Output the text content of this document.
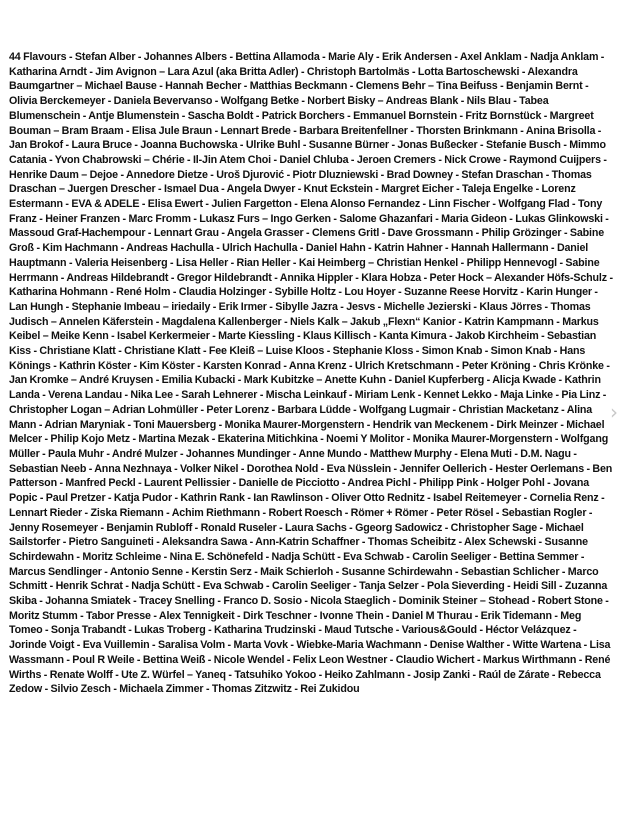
44 Flavours - Stefan Alber - Johannes Albers - Bettina Allamoda - Marie Aly - Erik Andersen - Axel Anklam - Nadja Anklam - Katharina Arndt - Jim Avignon – Lara Azul (aka Britta Adler) - Christoph Bartolmäs - Lotta Bartoschewski - Alexandra Baumgartner – Michael Bause - Hannah Becher - Matthias Beckmann - Clemens Behr – Tina Beifuss - Benjamin Bernt - Olivia Berckemeyer - Daniela Bevervanso - Wolfgang Betke - Norbert Bisky – Andreas Blank - Nils Blau - Tabea Blumenschein - Antje Blumenstein - Sascha Boldt - Patrick Borchers - Emmanuel Bornstein - Fritz Bornstück - Margreet Bouman – Bram Braam - Elisa Jule Braun - Lennart Brede - Barbara Breitenfellner - Thorsten Brinkmann - Anina Brisolla - Jan Brokof - Laura Bruce - Joanna Buchowska - Ulrike Buhl - Susanne Bürner - Jonas Bußecker - Stefanie Busch - Mimmo Catania - Yvon Chabrowski – Chérie - Il-Jin Atem Choi - Daniel Chluba - Jeroen Cremers - Nick Crowe - Raymond Cuijpers - Henrike Daum – Dejoe - Annedore Dietze - Uroš Djurović - Piotr Dluzniewski - Brad Downey - Stefan Draschan - Thomas Draschan – Juergen Drescher - Ismael Dua - Angela Dwyer - Knut Eckstein - Margret Eicher - Taleja Engelke - Lorenz Estermann - EVA & ADELE - Elisa Ewert - Julien Fargetton - Elena Alonso Fernandez - Linn Fischer - Wolfgang Flad - Tony Franz - Heiner Franzen - Marc Fromm - Lukasz Furs – Ingo Gerken - Salome Ghazanfari - Maria Gideon - Lukas Glinkowski - Massoud Graf-Hachempour - Lennart Grau - Angela Grasser - Clemens Gritl - Dave Grossmann - Philip Grözinger - Sabine Groß - Kim Hachmann - Andreas Hachulla - Ulrich Hachulla - Daniel Hahn - Katrin Hahner - Hannah Hallermann - Daniel Hauptmann - Valeria Heisenberg - Lisa Heller - Rian Heller - Kai Heimberg – Christian Henkel - Philipp Hennevogl - Sabine Herrmann - Andreas Hildebrandt - Gregor Hildebrandt - Annika Hippler - Klara Hobza - Peter Hock – Alexander Höfs-Schulz - Katharina Hohmann - René Holm - Claudia Holzinger - Sybille Holtz - Lou Hoyer - Suzanne Reese Horvitz - Karin Hunger - Lan Hungh - Stephanie Imbeau – iriedaily - Erik Irmer - Sibylle Jazra - Jesvs - Michelle Jezierski - Klaus Jörres - Thomas Judisch – Annelen Käferstein - Magdalena Kallenberger - Niels Kalk – Jakub „Flexn“ Kanior - Katrin Kampmann - Markus Keibel – Meike Kenn - Isabel Kerkermeier - Marte Kiessling - Klaus Killisch - Kanta Kimura - Jakob Kirchheim - Sebastian Kiss - Christiane Klatt - Christiane Klatt - Fee Kleiß – Luise Kloos - Stephanie Kloss - Simon Knab - Simon Knab - Hans Könings - Kathrin Köster - Kim Köster - Karsten Konrad - Anna Krenz - Ulrich Kretschmann - Peter Kröning - Chris Krönke - Jan Kromke – André Kruysen - Emilia Kubacki - Mark Kubitzke – Anette Kuhn - Daniel Kupferberg - Alicja Kwade - Kathrin Landa - Verena Landau - Nika Lee - Sarah Lehnerer - Mischa Leinkauf - Miriam Lenk - Kennet Lekko - Maja Linke - Pia Linz - Christopher Logan – Adrian Lohmüller - Peter Lorenz - Barbara Lüdde - Wolfgang Lugmair - Christian Macketanz - Alina Mann - Adrian Maryniak - Toni Mauersberg - Monika Maurer-Morgenstern - Hendrik van Meckenem - Dirk Meinzer - Michael Melcer - Philip Kojo Metz - Martina Mezak - Ekaterina Mitichkina - Noemi Y Molitor - Monika Maurer-Morgenstern - Wolfgang Müller - Paula Muhr - André Mulzer - Johannes Mundinger - Anne Mundo - Matthew Murphy - Elena Muti - D.M. Nagu - Sebastian Neeb - Anna Nezhnaya - Volker Nikel - Dorothea Nold - Eva Nüsslein - Jennifer Oellerich - Hester Oerlemans - Ben Patterson - Manfred Peckl - Laurent Pellissier - Danielle de Picciotto - Andrea Pichl - Philipp Pink - Holger Pohl - Jovana Popic - Paul Pretzer - Katja Pudor - Kathrin Rank - Ian Rawlinson - Oliver Otto Rednitz - Isabel Reitemeyer - Cornelia Renz - Lennart Rieder - Ziska Riemann - Achim Riethmann - Robert Roesch - Römer + Römer - Peter Rösel - Sebastian Rogler - Jenny Rosemeyer - Benjamin Rubloff - Ronald Ruseler - Laura Sachs - Ggeorg Sadowicz - Christopher Sage - Michael Sailstorfer - Pietro Sanguineti - Aleksandra Sawa - Ann-Katrin Schaffner - Thomas Scheibitz - Alex Schewski - Susanne Schirdewahn - Moritz Schleime - Nina E. Schönefeld - Nadja Schütt - Eva Schwab - Carolin Seeliger - Bettina Semmer - Marcus Sendlinger - Antonio Senne - Kerstin Serz - Maik Schierloh - Susanne Schirdewahn - Sebastian Schlicher - Marco Schmitt - Henrik Schrat - Nadja Schütt - Eva Schwab - Carolin Seeliger - Tanja Selzer - Pola Sieverding - Heidi Sill - Zuzanna Skiba - Johanna Smiatek - Tracey Snelling - Franco D. Sosio - Nicola Staeglich - Dominik Steiner – Stohead - Robert Stone - Moritz Stumm - Tabor Presse - Alex Tennigkeit - Dirk Teschner - Ivonne Thein - Daniel M Thurau - Erik Tidemann - Meg Tomeo - Sonja Trabandt - Lukas Troberg - Katharina Trudzinski - Maud Tutsche - Various&Gould - Héctor Velázquez - Jorinde Voigt - Eva Vuillemin - Saralisa Volm - Marta Vovk - Wiebke-Maria Wachmann - Denise Walther - Witte Wartena - Lisa Wassmann - Poul R Weile - Bettina Weiß - Nicole Wendel - Felix Leon Westner - Claudio Wichert - Markus Wirthmann - René Wirths - Renate Wolff - Ute Z. Würfel – Yaneq - Tatsuhiko Yokoo - Heiko Zahlmann - Josip Zanki - Raúl de Zárate - Rebecca Zedow - Silvio Zesch - Michaela Zimmer - Thomas Zitzwitz - Rei Zukidou

›
